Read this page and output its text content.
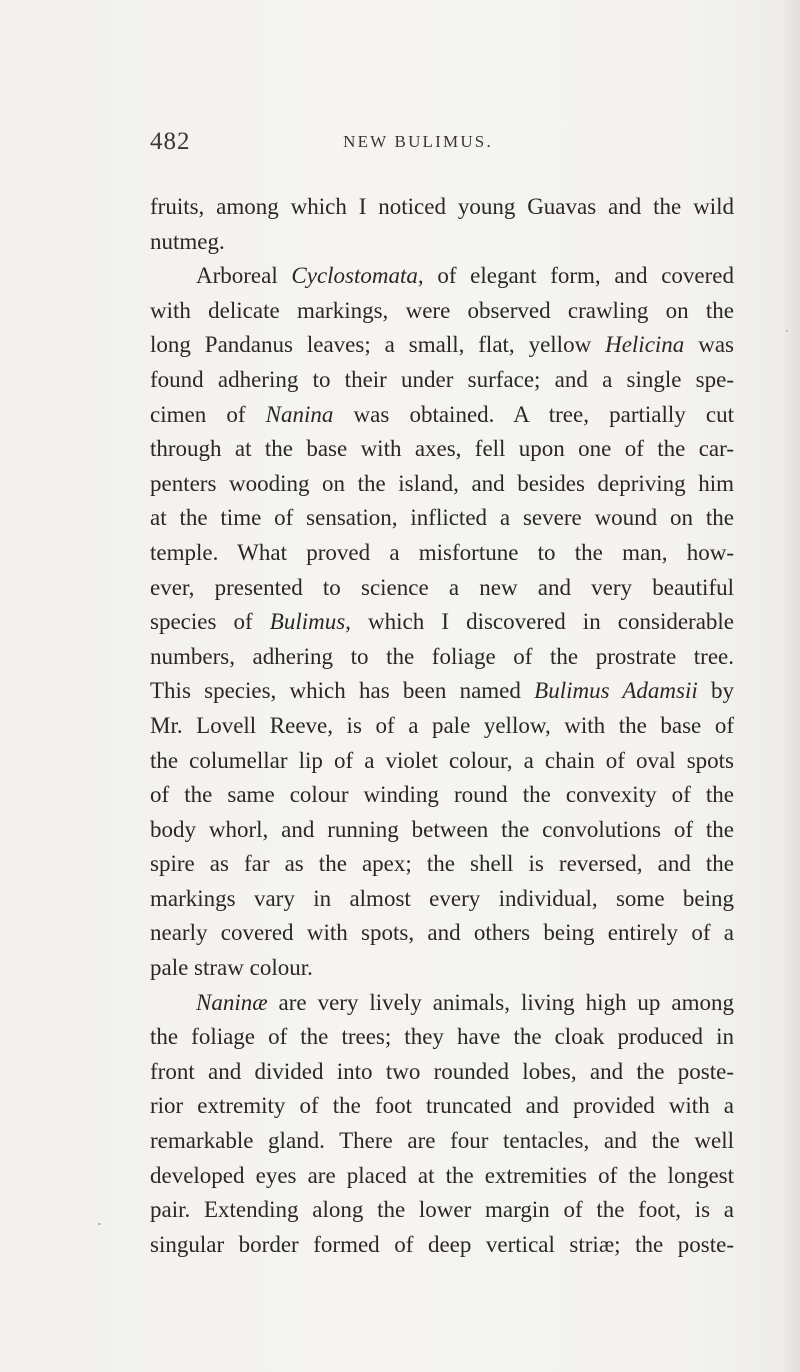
482	NEW BULIMUS.
fruits, among which I noticed young Guavas and the wild
nutmeg.
Arboreal Cyclostomata, of elegant form, and covered
with delicate markings, were observed crawling on the
long Pandanus leaves; a small, flat, yellow Helicina was
found adhering to their under surface; and a single spe-
cimen of Nanina was obtained. A tree, partially cut
through at the base with axes, fell upon one of the car-
penters wooding on the island, and besides depriving him
at the time of sensation, inflicted a severe wound on the
temple. What proved a misfortune to the man, how-
ever, presented to science a new and very beautiful
species of Bulimus, which I discovered in considerable
numbers, adhering to the foliage of the prostrate tree.
This species, which has been named Bulimus Adamsii by
Mr. Lovell Reeve, is of a pale yellow, with the base of
the columellar lip of a violet colour, a chain of oval spots
of the same colour winding round the convexity of the
body whorl, and running between the convolutions of the
spire as far as the apex; the shell is reversed, and the
markings vary in almost every individual, some being
nearly covered with spots, and others being entirely of a
pale straw colour.
Naninæ are very lively animals, living high up among
the foliage of the trees; they have the cloak produced in
front and divided into two rounded lobes, and the poste-
rior extremity of the foot truncated and provided with a
remarkable gland. There are four tentacles, and the well
developed eyes are placed at the extremities of the longest
pair. Extending along the lower margin of the foot, is a
singular border formed of deep vertical striæ; the poste-
